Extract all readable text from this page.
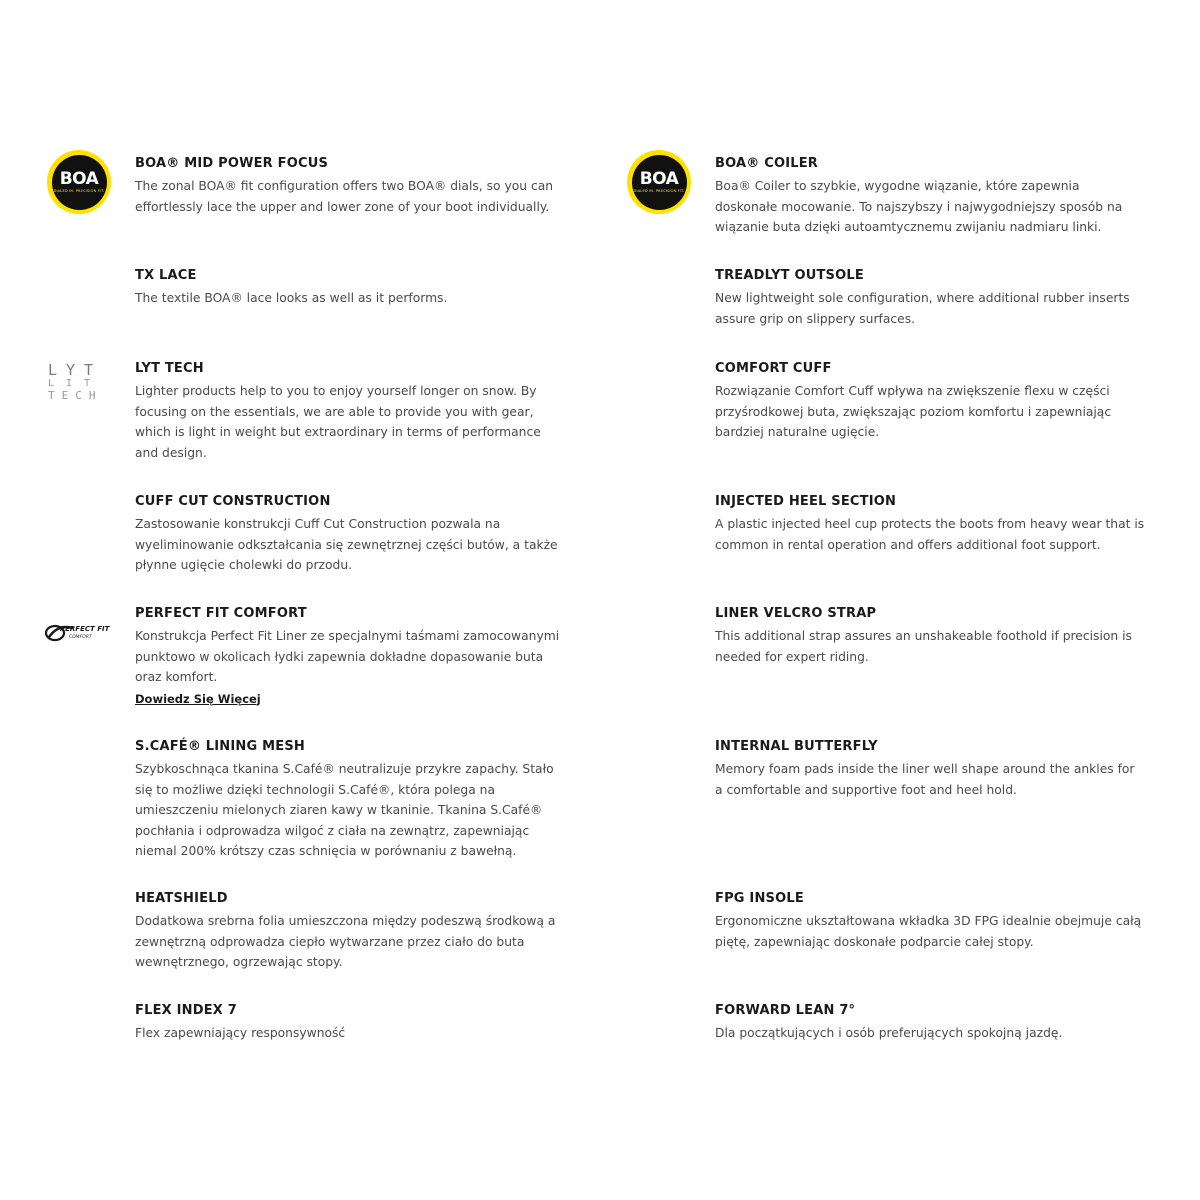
BOA
DIALED IN. PRECISION FIT.
BOA® MID POWER FOCUS

The zonal BOA® fit configuration offers two BOA® dials, so you can effortlessly lace the upper and lower zone of your boot individually.

TX LACE

The textile BOA® lace looks as well as it performs.

LYT
LIT
TECH
LYT TECH

Lighter products help to you to enjoy yourself longer on snow. By focusing on the essentials, we are able to provide you with gear, which is light in weight but extraordinary in terms of performance and design.

CUFF CUT CONSTRUCTION

Zastosowanie konstrukcji Cuff Cut Construction pozwala na wyeliminowanie odkształcania się zewnętrznej części butów, a także płynne ugięcie cholewki do przodu.

PERFECT FIT
COMFORT
PERFECT FIT COMFORT

Konstrukcja Perfect Fit Liner ze specjalnymi taśmami zamocowanymi punktowo w okolicach łydki zapewnia dokładne dopasowanie buta oraz komfort.

Dowiedz Się Więcej
S.CAFÉ® LINING MESH

Szybkoschnąca tkanina S.Café® neutralizuje przykre zapachy. Stało się to możliwe dzięki technologii S.Café®, która polega na umieszczeniu mielonych ziaren kawy w tkaninie. Tkanina S.Café® pochłania i odprowadza wilgoć z ciała na zewnątrz, zapewniając niemal 200% krótszy czas schnięcia w porównaniu z bawełną.

HEATSHIELD

Dodatkowa srebrna folia umieszczona między podeszwą środkową a zewnętrzną odprowadza ciepło wytwarzane przez ciało do buta wewnętrznego, ogrzewając stopy.

FLEX INDEX 7

Flex zapewniający responsywność

BOA
DIALED IN. PRECISION FIT.
BOA® COILER

Boa® Coiler to szybkie, wygodne wiązanie, które zapewnia doskonałe mocowanie. To najszybszy i najwygodniejszy sposób na wiązanie buta dzięki autoamtycznemu zwijaniu nadmiaru linki.

TREADLYT OUTSOLE

New lightweight sole configuration, where additional rubber inserts assure grip on slippery surfaces.

COMFORT CUFF

Rozwiązanie Comfort Cuff wpływa na zwiększenie flexu w części przyśrodkowej buta, zwiększając poziom komfortu i zapewniając bardziej naturalne ugięcie.

INJECTED HEEL SECTION

A plastic injected heel cup protects the boots from heavy wear that is common in rental operation and offers additional foot support.

LINER VELCRO STRAP

This additional strap assures an unshakeable foothold if precision is needed for expert riding.

INTERNAL BUTTERFLY

Memory foam pads inside the liner well shape around the ankles for a comfortable and supportive foot and heel hold.

FPG INSOLE

Ergonomiczne ukształtowana wkładka 3D FPG idealnie obejmuje całą piętę, zapewniając doskonałe podparcie całej stopy.

FORWARD LEAN 7°

Dla początkujących i osób preferujących spokojną jazdę.
